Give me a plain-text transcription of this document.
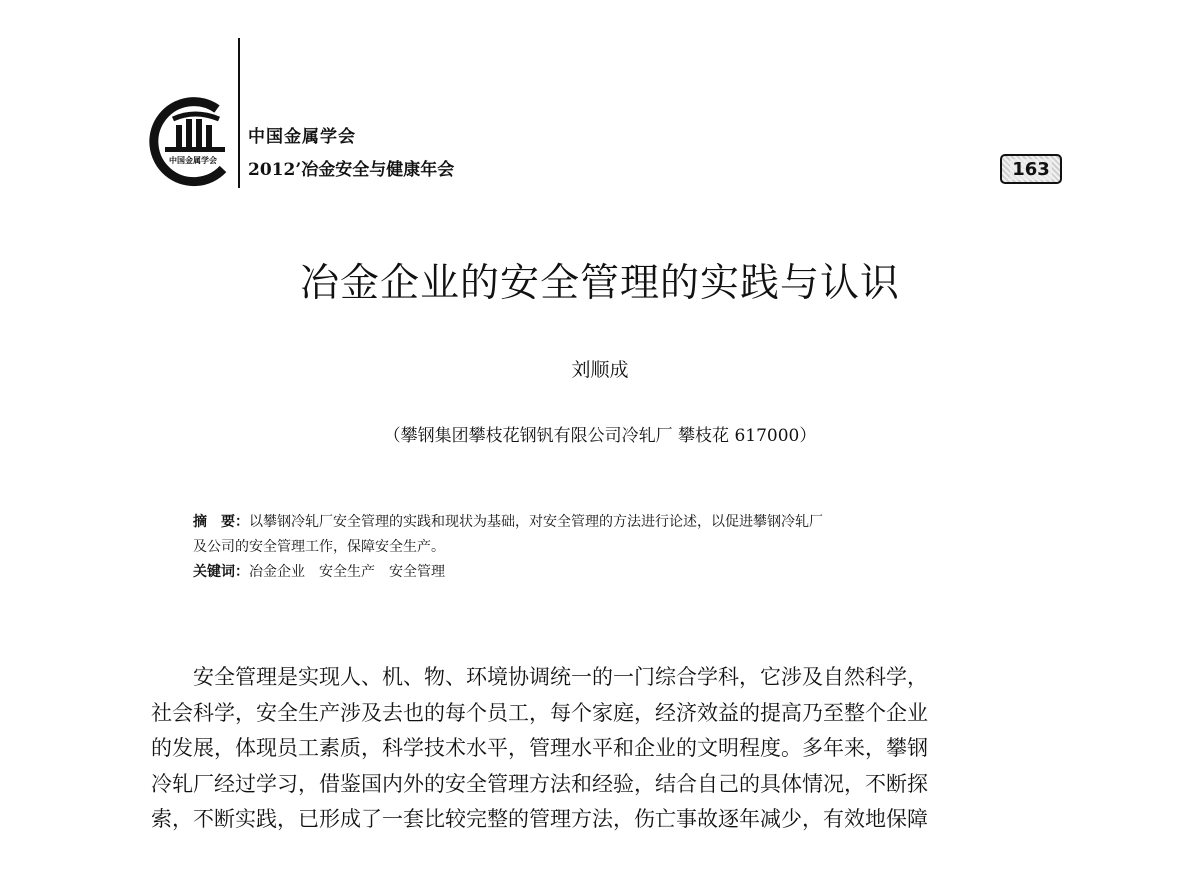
中国金属学会
中国金属学会
2012’冶金安全与健康年会	163
冶金企业的安全管理的实践与认识
刘顺成
（攀钢集团攀枝花钢钒有限公司冷轧厂 攀枝花 617000）
摘　要：以攀钢冷轧厂安全管理的实践和现状为基础，对安全管理的方法进行论述，以促进攀钢冷轧厂
及公司的安全管理工作，保障安全生产。
关键词：冶金企业　安全生产　安全管理
安全管理是实现人、机、物、环境协调统一的一门综合学科，它涉及自然科学，
社会科学，安全生产涉及去也的每个员工，每个家庭，经济效益的提高乃至整个企业
的发展，体现员工素质，科学技术水平，管理水平和企业的文明程度。多年来，攀钢
冷轧厂经过学习，借鉴国内外的安全管理方法和经验，结合自己的具体情况，不断探
索，不断实践，已形成了一套比较完整的管理方法，伤亡事故逐年减少，有效地保障
